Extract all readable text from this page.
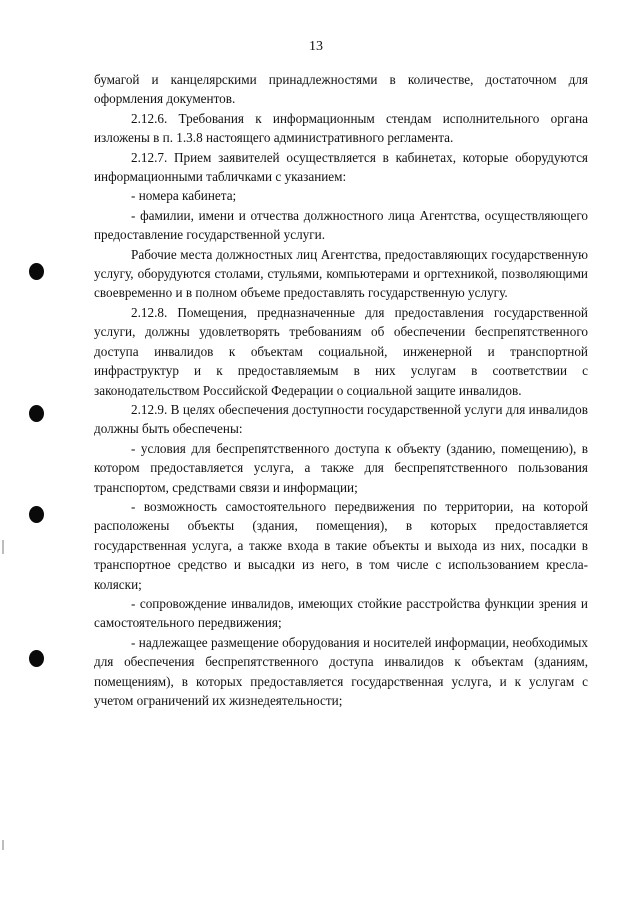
13

бумагой и канцелярскими принадлежностями в количестве, достаточном для оформления документов.

2.12.6. Требования к информационным стендам исполнительного органа изложены в п. 1.3.8 настоящего административного регламента.

2.12.7. Прием заявителей осуществляется в кабинетах, которые оборудуются информационными табличками с указанием:

- номера кабинета;

- фамилии, имени и отчества должностного лица Агентства, осуществляющего предоставление государственной услуги.

Рабочие места должностных лиц Агентства, предоставляющих государственную услугу, оборудуются столами, стульями, компьютерами и оргтехникой, позволяющими своевременно и в полном объеме предоставлять государственную услугу.

2.12.8. Помещения, предназначенные для предоставления государственной услуги, должны удовлетворять требованиям об обеспечении беспрепятственного доступа инвалидов к объектам социальной, инженерной и транспортной инфраструктур и к предоставляемым в них услугам в соответствии с законодательством Российской Федерации о социальной защите инвалидов.

2.12.9. В целях обеспечения доступности государственной услуги для инвалидов должны быть обеспечены:

- условия для беспрепятственного доступа к объекту (зданию, помещению), в котором предоставляется услуга, а также для беспрепятственного пользования транспортом, средствами связи и информации;

- возможность самостоятельного передвижения по территории, на которой расположены объекты (здания, помещения), в которых предоставляется государственная услуга, а также входа в такие объекты и выхода из них, посадки в транспортное средство и высадки из него, в том числе с использованием кресла-коляски;

- сопровождение инвалидов, имеющих стойкие расстройства функции зрения и самостоятельного передвижения;

- надлежащее размещение оборудования и носителей информации, необходимых для обеспечения беспрепятственного доступа инвалидов к объектам (зданиям, помещениям), в которых предоставляется государственная услуга, и к услугам с учетом ограничений их жизнедеятельности;
